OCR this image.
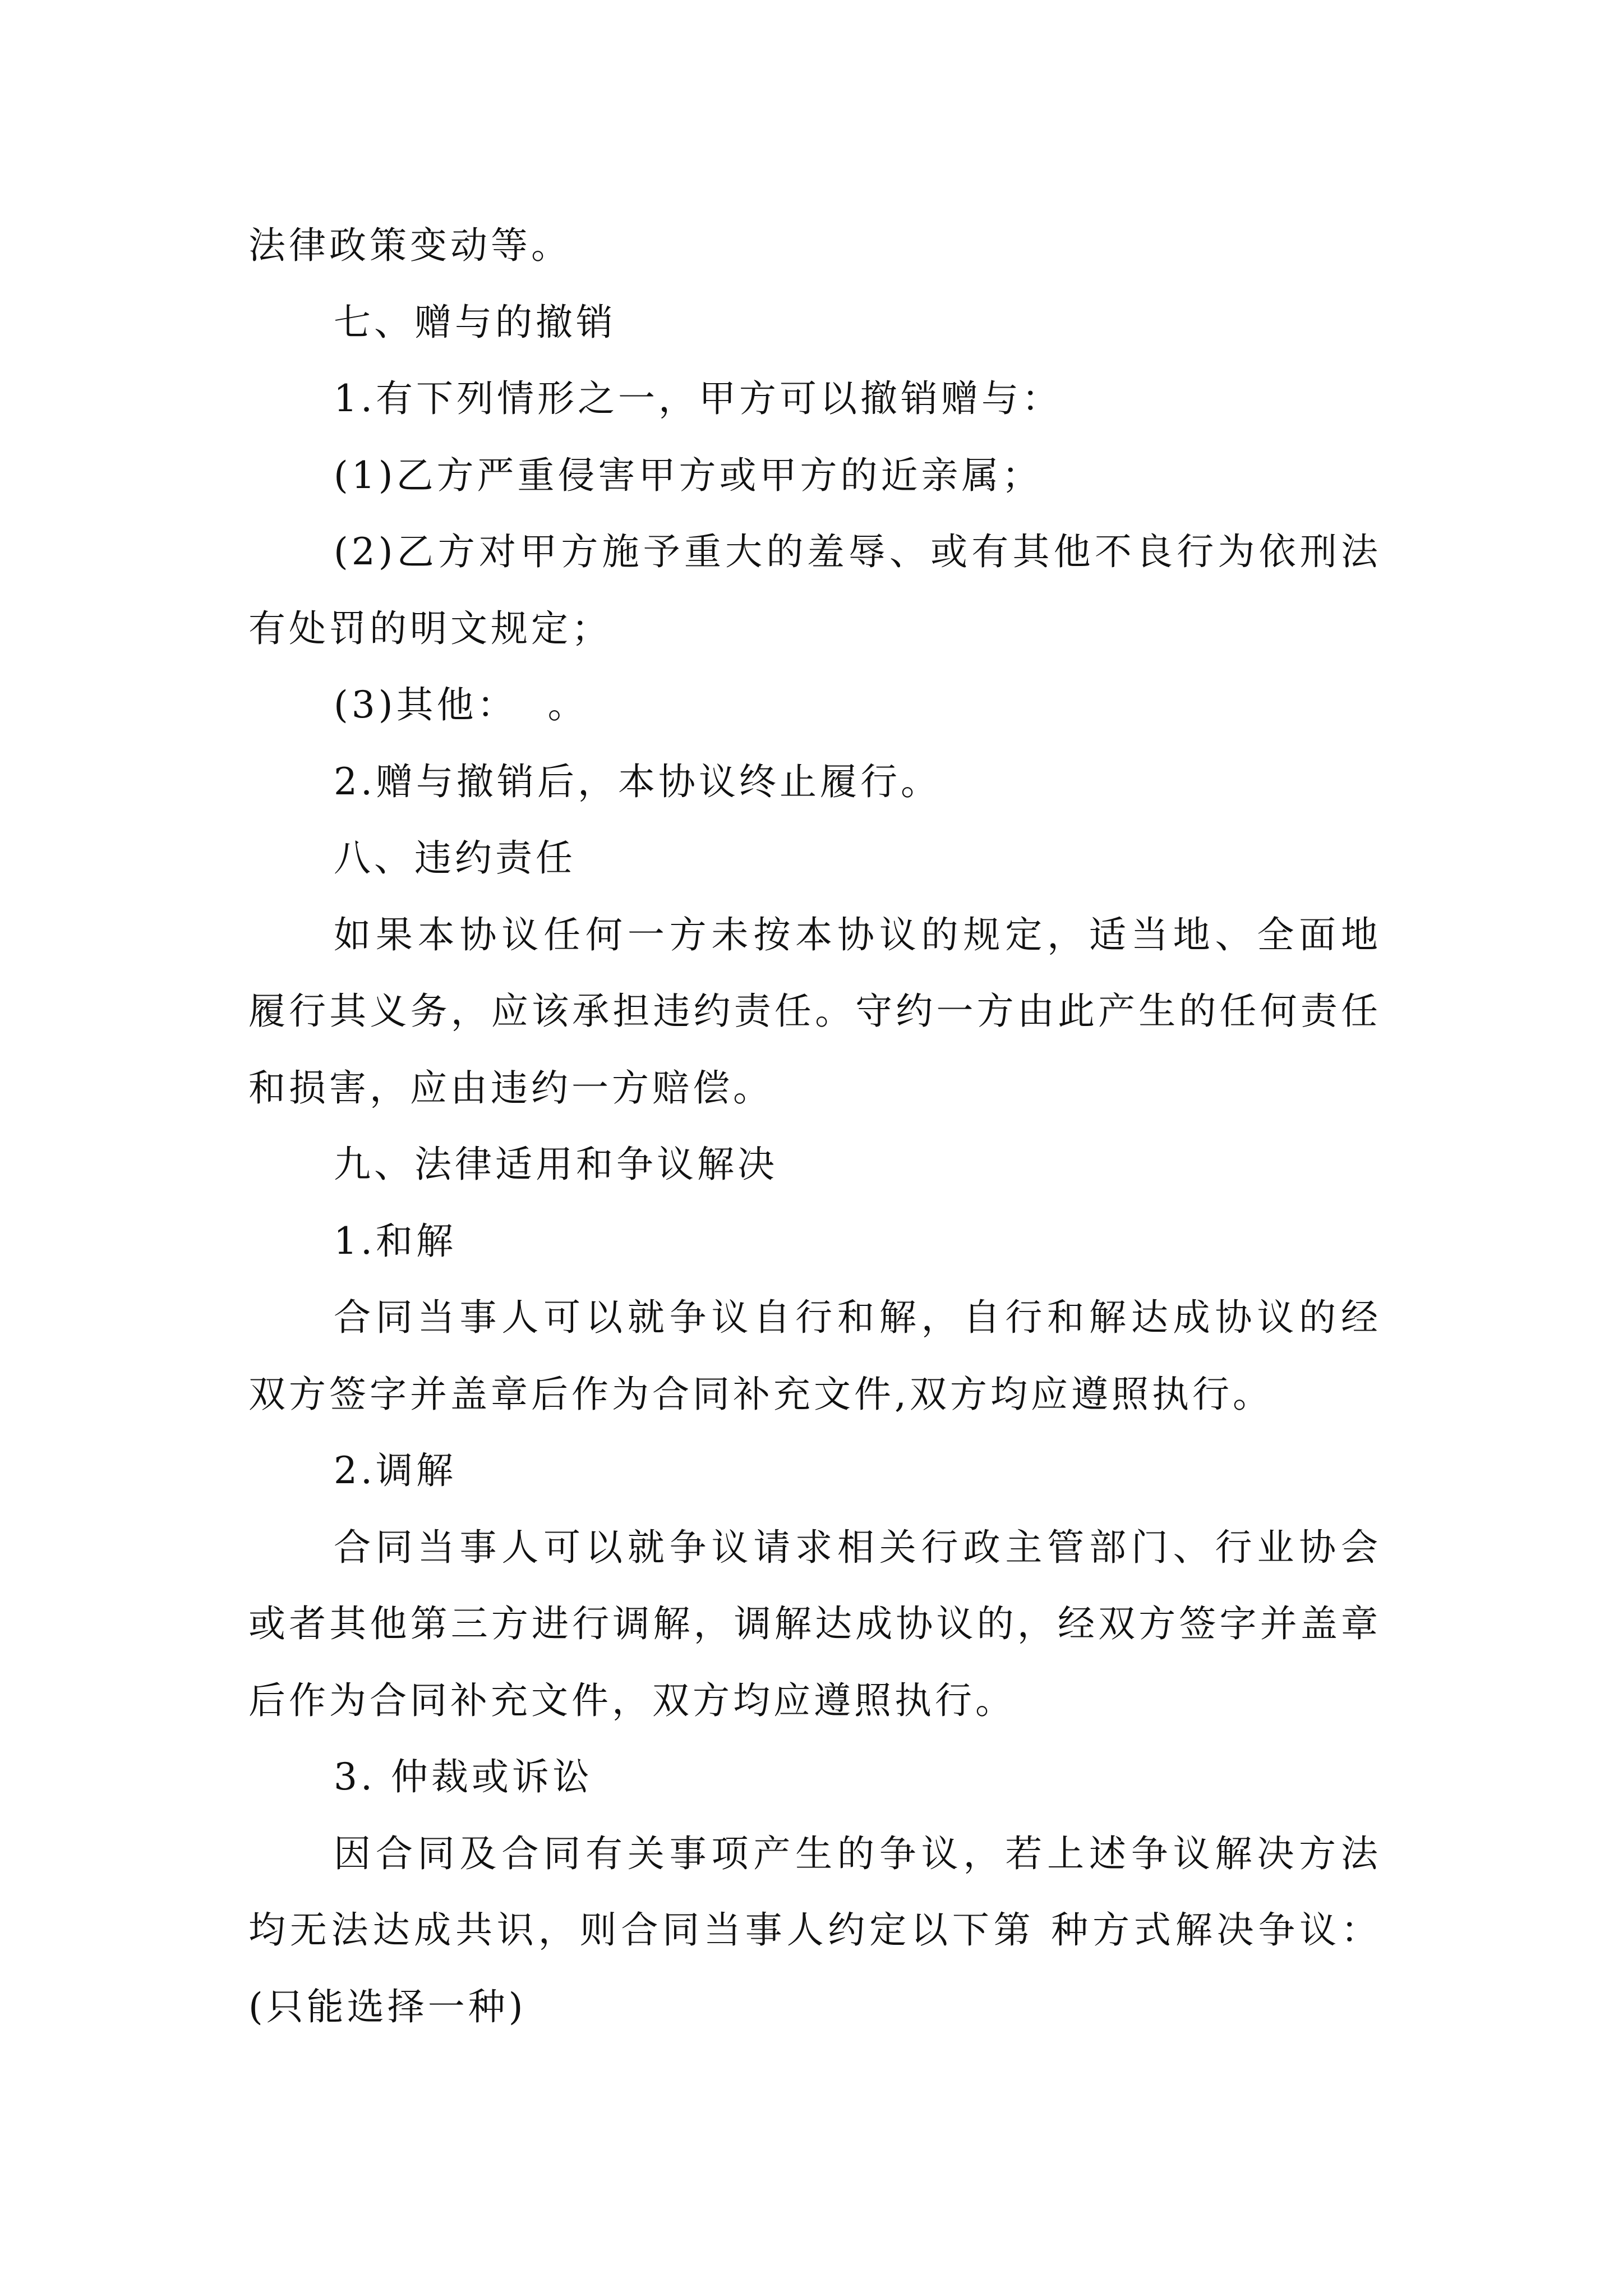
法律政策变动等。

七、赠与的撤销

1.有下列情形之一，甲方可以撤销赠与：

(1)乙方严重侵害甲方或甲方的近亲属；

(2)乙方对甲方施予重大的羞辱、或有其他不良行为依刑法有处罚的明文规定；

(3)其他：  。

2.赠与撤销后，本协议终止履行。

八、违约责任

如果本协议任何一方未按本协议的规定，适当地、全面地履行其义务，应该承担违约责任。守约一方由此产生的任何责任和损害，应由违约一方赔偿。

九、法律适用和争议解决

1.和解

合同当事人可以就争议自行和解，自行和解达成协议的经双方签字并盖章后作为合同补充文件,双方均应遵照执行。

2.调解

合同当事人可以就争议请求相关行政主管部门、行业协会或者其他第三方进行调解，调解达成协议的，经双方签字并盖章后作为合同补充文件，双方均应遵照执行。

3. 仲裁或诉讼

因合同及合同有关事项产生的争议，若上述争议解决方法均无法达成共识，则合同当事人约定以下第 种方式解决争议：(只能选择一种)
